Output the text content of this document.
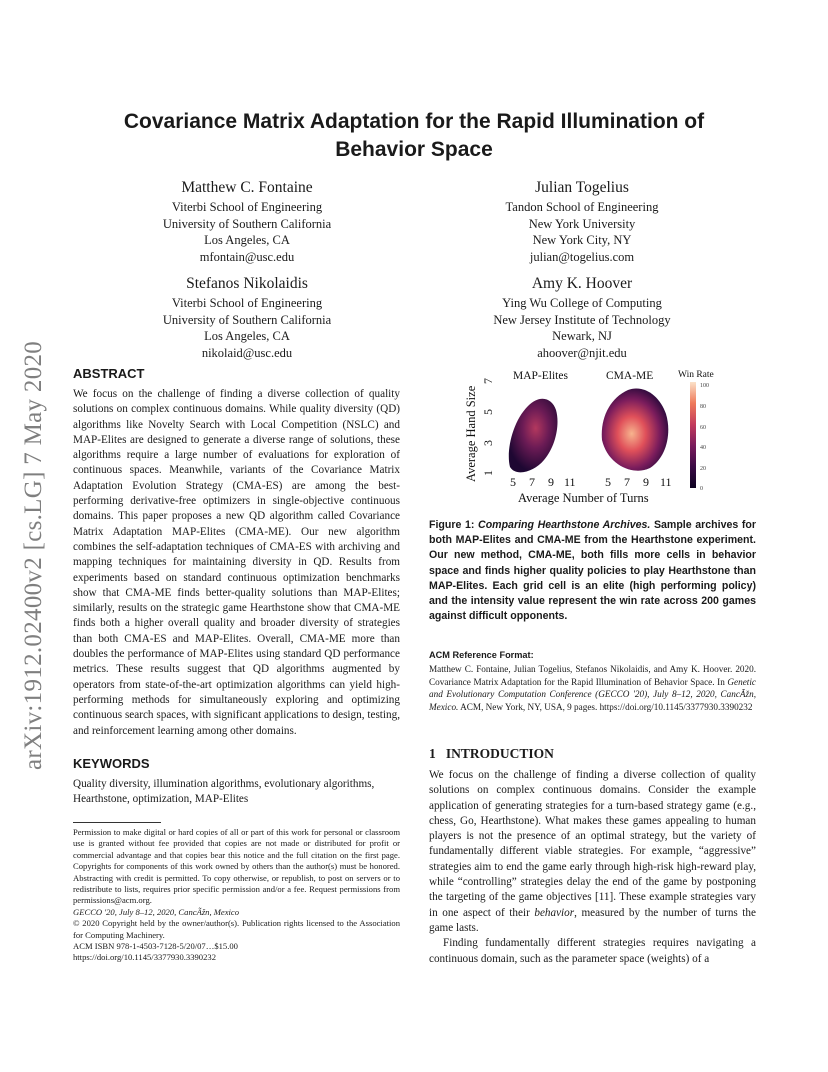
arXiv:1912.02400v2 [cs.LG] 7 May 2020
Covariance Matrix Adaptation for the Rapid Illumination of
Behavior Space
Matthew C. Fontaine
Viterbi School of Engineering
University of Southern California
Los Angeles, CA
mfontain@usc.edu
Julian Togelius
Tandon School of Engineering
New York University
New York City, NY
julian@togelius.com
Stefanos Nikolaidis
Viterbi School of Engineering
University of Southern California
Los Angeles, CA
nikolaid@usc.edu
Amy K. Hoover
Ying Wu College of Computing
New Jersey Institute of Technology
Newark, NJ
ahoover@njit.edu
ABSTRACT
We focus on the challenge of finding a diverse collection of quality solutions on complex continuous domains. While quality diversity (QD) algorithms like Novelty Search with Local Competition (NSLC) and MAP-Elites are designed to generate a diverse range of solutions, these algorithms require a large number of evaluations for exploration of continuous spaces. Meanwhile, variants of the Covariance Matrix Adaptation Evolution Strategy (CMA-ES) are among the best-performing derivative-free optimizers in single-objective continuous domains. This paper proposes a new QD algorithm called Covariance Matrix Adaptation MAP-Elites (CMA-ME). Our new algorithm combines the self-adaptation techniques of CMA-ES with archiving and mapping techniques for maintaining diversity in QD. Results from experiments based on standard continuous optimization benchmarks show that CMA-ME finds better-quality solutions than MAP-Elites; similarly, results on the strategic game Hearthstone show that CMA-ME finds both a higher overall quality and broader diversity of strategies than both CMA-ES and MAP-Elites. Overall, CMA-ME more than doubles the performance of MAP-Elites using standard QD performance metrics. These results suggest that QD algorithms augmented by operators from state-of-the-art optimization algorithms can yield high-performing methods for simultaneously exploring and optimizing continuous search spaces, with significant applications to design, testing, and reinforcement learning among other domains.
KEYWORDS
Quality diversity, illumination algorithms, evolutionary algorithms, Hearthstone, optimization, MAP-Elites
Permission to make digital or hard copies of all or part of this work for personal or classroom use is granted without fee provided that copies are not made or distributed for profit or commercial advantage and that copies bear this notice and the full citation on the first page. Copyrights for components of this work owned by others than the author(s) must be honored. Abstracting with credit is permitted. To copy otherwise, or republish, to post on servers or to redistribute to lists, requires prior specific permission and/or a fee. Request permissions from permissions@acm.org.
GECCO '20, July 8–12, 2020, CancÃžn, Mexico
© 2020 Copyright held by the owner/author(s). Publication rights licensed to the Association for Computing Machinery.
ACM ISBN 978-1-4503-7128-5/20/07…$15.00
https://doi.org/10.1145/3377930.3390232
Average Hand Size 1
3
5
7 MAP-Elites	CMA-ME
5 7 9 11 5 7 9 11
Average Number of Turns
Win Rate
100
80
60
40
20
0
Figure 1: Comparing Hearthstone Archives. Sample archives for both MAP-Elites and CMA-ME from the Hearthstone experiment. Our new method, CMA-ME, both fills more cells in behavior space and finds higher quality policies to play Hearthstone than MAP-Elites. Each grid cell is an elite (high performing policy) and the intensity value represent the win rate across 200 games against difficult opponents.
ACM Reference Format:
Matthew C. Fontaine, Julian Togelius, Stefanos Nikolaidis, and Amy K. Hoover. 2020. Covariance Matrix Adaptation for the Rapid Illumination of Behavior Space. In Genetic and Evolutionary Computation Conference (GECCO '20), July 8–12, 2020, CancÃžn, Mexico. ACM, New York, NY, USA, 9 pages. https://doi.org/10.1145/3377930.3390232
1 INTRODUCTION
We focus on the challenge of finding a diverse collection of quality solutions on complex continuous domains. Consider the example application of generating strategies for a turn-based strategy game (e.g., chess, Go, Hearthstone). What makes these games appealing to human players is not the presence of an optimal strategy, but the variety of fundamentally different viable strategies. For example, “aggressive” strategies aim to end the game early through high-risk high-reward play, while “controlling” strategies delay the end of the game by postponing the targeting of the game objectives [11]. These example strategies vary in one aspect of their behavior, measured by the number of turns the game lasts.
Finding fundamentally different strategies requires navigating a continuous domain, such as the parameter space (weights) of a
